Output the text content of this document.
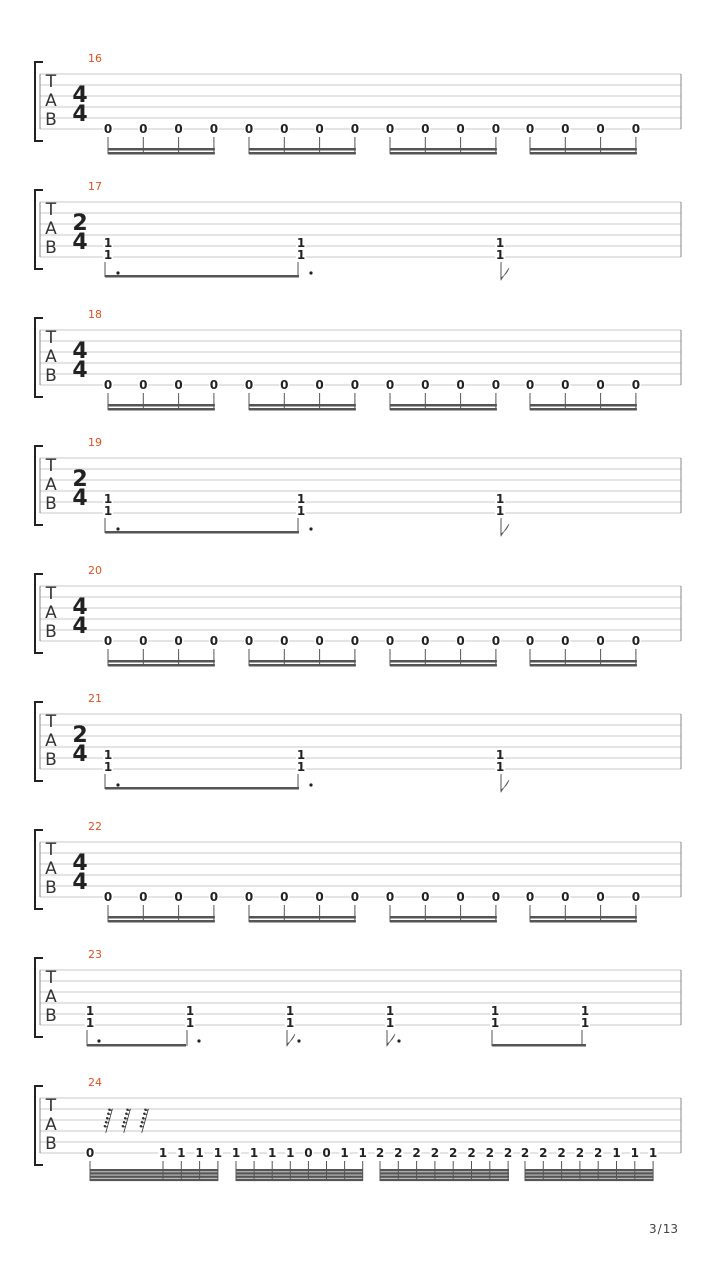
16
T
A
B
4
4
0 0 0 0 0 0 0 0 0 0 0 0 0 0 0 0
17
T
A
B
2
4 1
1
1
1
1
1
18
T
A
B
4
4
0 0 0 0 0 0 0 0 0 0 0 0 0 0 0 0
19
T
A
B
2
4 1
1
1
1
1
1
20
T
A
B
4
4
0 0 0 0 0 0 0 0 0 0 0 0 0 0 0 0
21
T
A
B
2
4 1
1
1
1
1
1
22
T
A
B
4
4
0 0 0 0 0 0 0 0 0 0 0 0 0 0 0 0
23
T
A
B 1
1
1
1
1
1
1
1
1
1
1
1
24
T
A
B
𝅂 𝅂 𝅂
0	1 1 1 1 1 1 1 1 0 0 1 1 2 2 2 2 2 2 2 2 2 2 2 2 2 1 1 1
3/13
